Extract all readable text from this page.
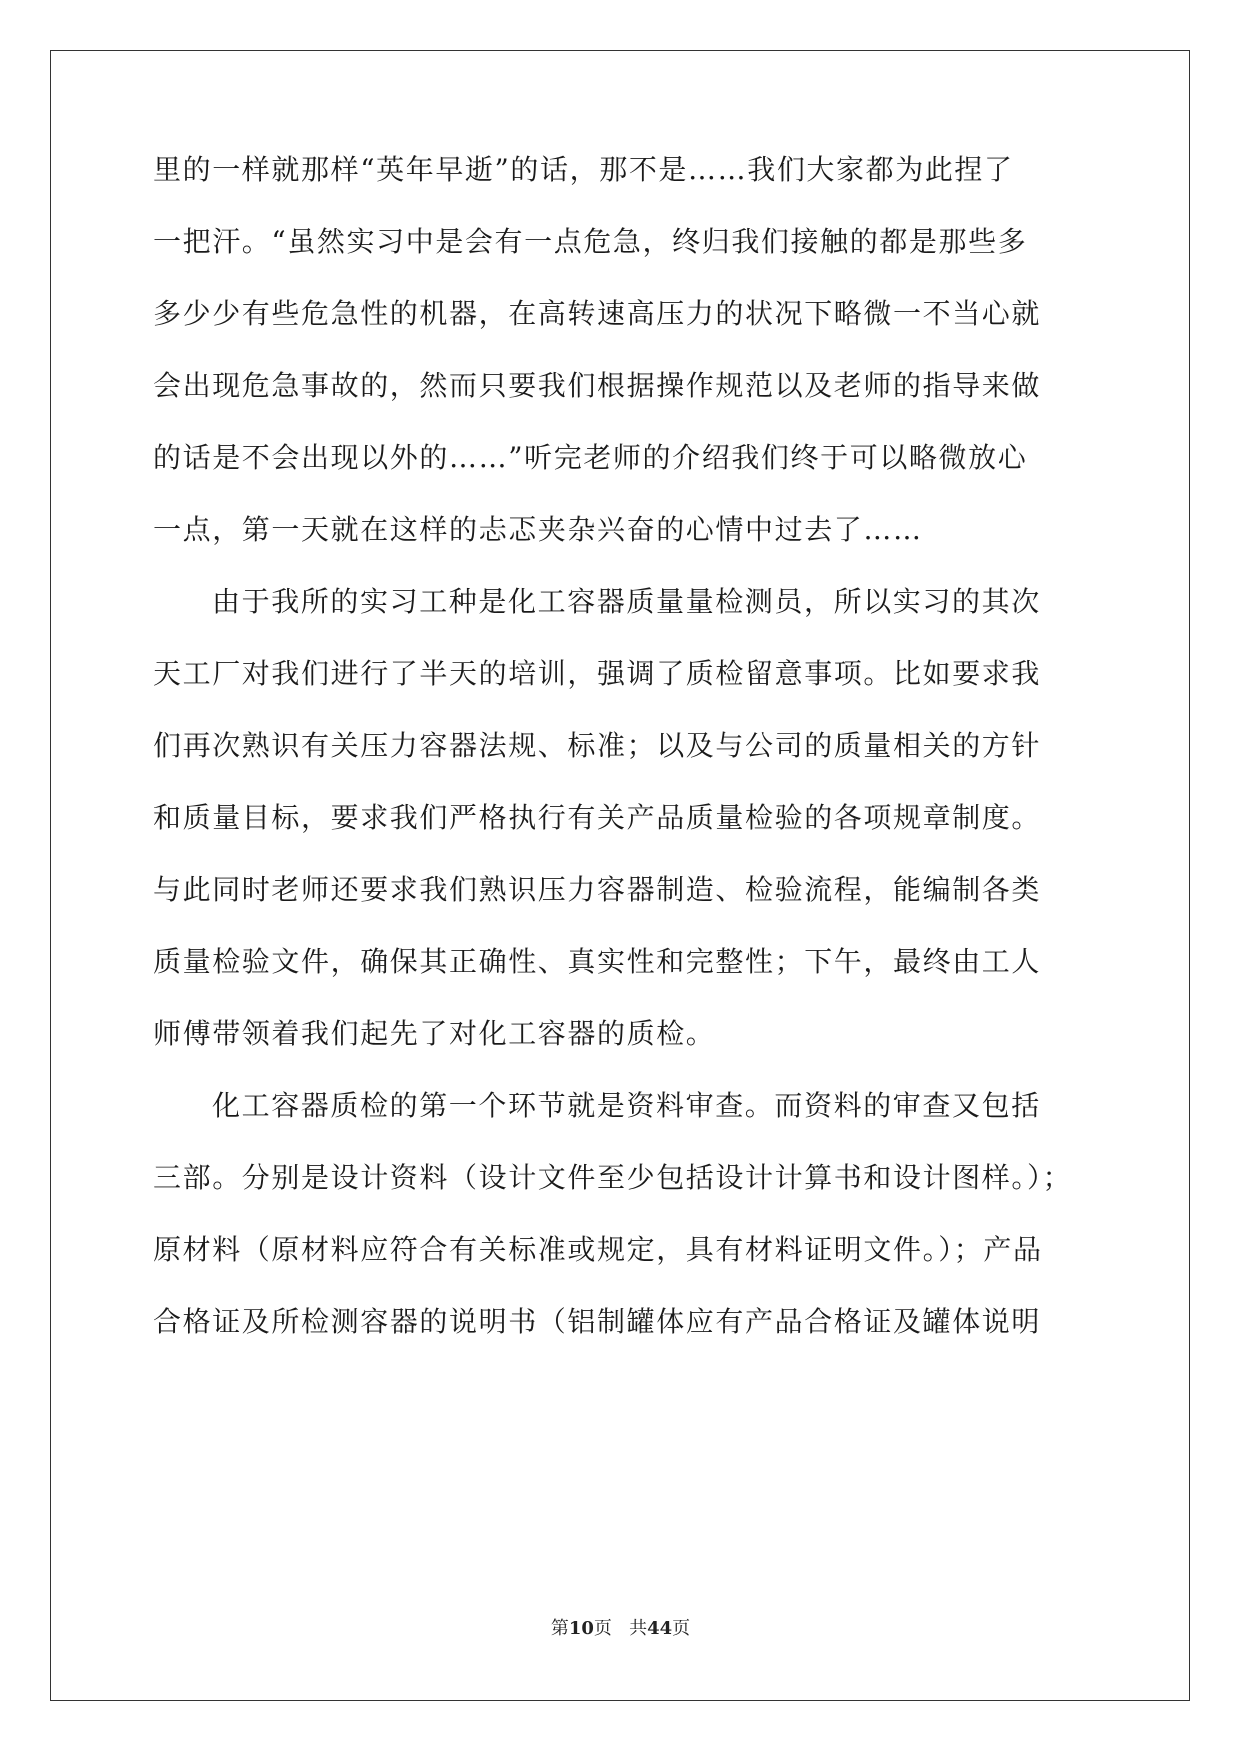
里的一样就那样“英年早逝”的话，那不是……我们大家都为此捏了
一把汗。“虽然实习中是会有一点危急，终归我们接触的都是那些多
多少少有些危急性的机器，在高转速高压力的状况下略微一不当心就
会出现危急事故的，然而只要我们根据操作规范以及老师的指导来做
的话是不会出现以外的……”听完老师的介绍我们终于可以略微放心
一点，第一天就在这样的忐忑夹杂兴奋的心情中过去了……
由于我所的实习工种是化工容器质量量检测员，所以实习的其次
天工厂对我们进行了半天的培训，强调了质检留意事项。比如要求我
们再次熟识有关压力容器法规、标准；以及与公司的质量相关的方针
和质量目标，要求我们严格执行有关产品质量检验的各项规章制度。
与此同时老师还要求我们熟识压力容器制造、检验流程，能编制各类
质量检验文件，确保其正确性、真实性和完整性；下午，最终由工人
师傅带领着我们起先了对化工容器的质检。
化工容器质检的第一个环节就是资料审查。而资料的审查又包括
三部。分别是设计资料（设计文件至少包括设计计算书和设计图样。）；
原材料（原材料应符合有关标准或规定，具有材料证明文件。）；产品
合格证及所检测容器的说明书（铝制罐体应有产品合格证及罐体说明
第10页 共44页
